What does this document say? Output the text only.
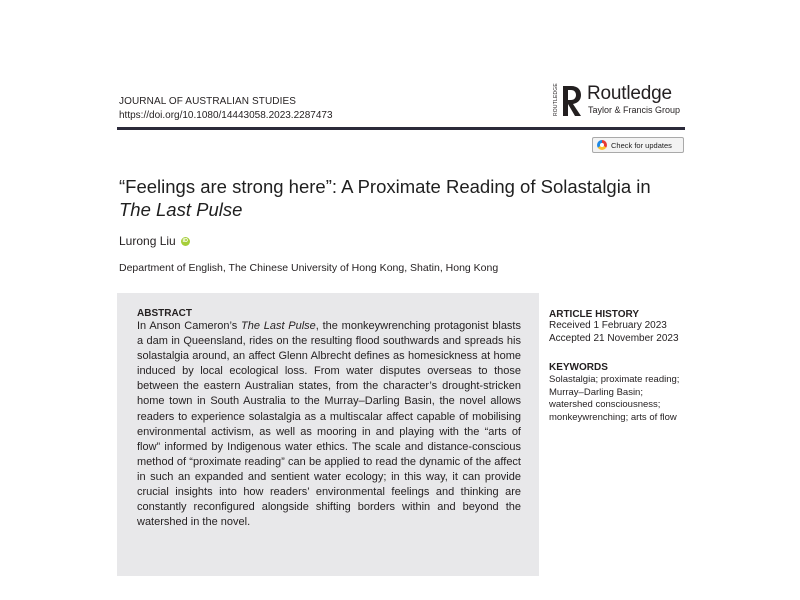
JOURNAL OF AUSTRALIAN STUDIES
https://doi.org/10.1080/14443058.2023.2287473	ROUTLEDGE Routledge
Taylor & Francis Group
Check for updates
“Feelings are strong here”: A Proximate Reading of Solastalgia in The Last Pulse
Lurong Liu	iD
Department of English, The Chinese University of Hong Kong, Shatin, Hong Kong
ABSTRACT
In Anson Cameron’s The Last Pulse, the monkeywrenching protagonist blasts a dam in Queensland, rides on the resulting flood southwards and spreads his solastalgia around, an affect Glenn Albrecht defines as homesickness at home induced by local ecological loss. From water disputes overseas to those between the eastern Australian states, from the character’s drought-stricken home town in South Australia to the Murray–Darling Basin, the novel allows readers to experience solastalgia as a multiscalar affect capable of mobilising environmental activism, as well as mooring in and playing with the “arts of flow” informed by Indigenous water ethics. The scale and distance-conscious method of “proximate reading” can be applied to read the dynamic of the affect in such an expanded and sentient water ecology; in this way, it can provide crucial insights into how readers’ environmental feelings and thinking are constantly reconfigured alongside shifting borders within and beyond the watershed in the novel.
ARTICLE HISTORY
Received 1 February 2023
Accepted 21 November 2023
KEYWORDS
Solastalgia; proximate reading; Murray–Darling Basin; watershed consciousness; monkeywrenching; arts of flow
